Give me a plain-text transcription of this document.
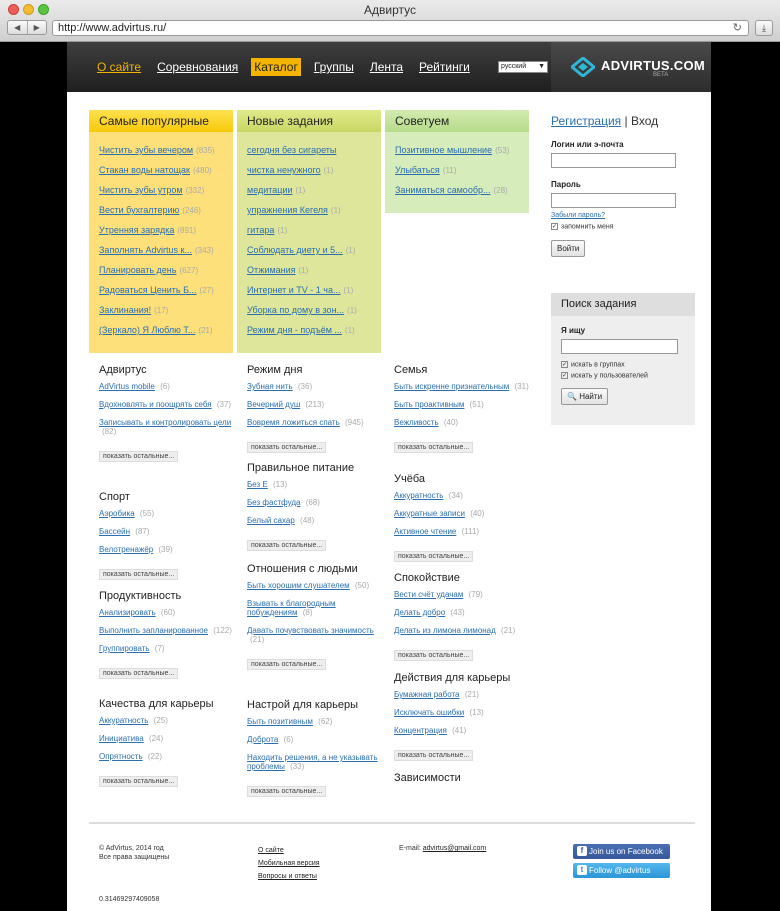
Адвиртус
◀	▶	http://www.advirtus.ru/	↻	⤓
О сайте Соревнования Каталог Группы Лента Рейтинги	русский ▼	ADVIRTUS.COM
BETA
Самые популярные
Чистить зубы вечером (835)
Стакан воды натощак (480)
Чистить зубы утром (332)
Вести бухгалтерию (246)
Утренняя зарядка (891)
Заполнять Advirtus к... (343)
Планировать день (627)
Радоваться Ценить Б... (27)
Заклинания! (17)
(Зеркало) Я Люблю Т... (21)
Новые задания
сегодня без сигареты
чистка ненужного (1)
медитации (1)
упражнения Кегеля (1)
гитара (1)
Соблюдать диету и 5... (1)
Отжимания (1)
Интернет и TV - 1 ча... (1)
Уборка по дому в зон... (1)
Режим дня - подъём ... (1)
Советуем
Позитивное мышление (53)
Улыбаться (11)
Заниматься самообр... (28)
Адвиртус
AdVirtus mobile (6)
Вдохновлять и поощрять себя (37)
Записывать и контролировать цели (82)
показать остальные...
Спорт
Аэробика (55)
Бассейн (87)
Велотренажёр (39)
показать остальные...
Продуктивность
Анализировать (60)
Выполнить запланированное (122)
Группировать (7)
показать остальные...
Качества для карьеры
Аккуратность (25)
Инициатива (24)
Опрятность (22)
показать остальные...
Режим дня
Зубная нить (36)
Вечерний душ (213)
Вовремя ложиться спать (945)
показать остальные...
Правильное питание
Без Е (13)
Без фастфуда (68)
Белый сахар (48)
показать остальные...
Отношения с людьми
Быть хорошим слушателем (50)
Взывать к благородным побуждениям (8)
Давать почувствовать значимость (21)
показать остальные...
Настрой для карьеры
Быть позитивным (62)
Доброта (6)
Находить решения, а не указывать проблемы (33)
показать остальные...
Семья
Быть искренне признательным (31)
Быть проактивным (51)
Вежливость (40)
показать остальные...
Учёба
Аккуратность (34)
Аккуратные записи (40)
Активное чтение (111)
показать остальные...
Спокойствие
Вести счёт удачам (79)
Делать добро (43)
Делать из лимона лимонад (21)
показать остальные...
Действия для карьеры
Бумажная работа (21)
Исключать ошибки (13)
Концентрация (41)
показать остальные...
Зависимости
Регистрация | Вход
Логин или э-почта
Пароль
Забыли пароль?
✓ запомнить меня
Войти
Поиск задания
Я ищу
✓ искать в группах
✓ искать у пользователей
🔍 Найти
© AdVirtus, 2014 год
Все права защищены
О сайте
Мобильная версия
Вопросы и ответы
E-mail: advirtus@gmail.com	f Join us on Facebook
t Follow @advirtus
0.31469297409058
